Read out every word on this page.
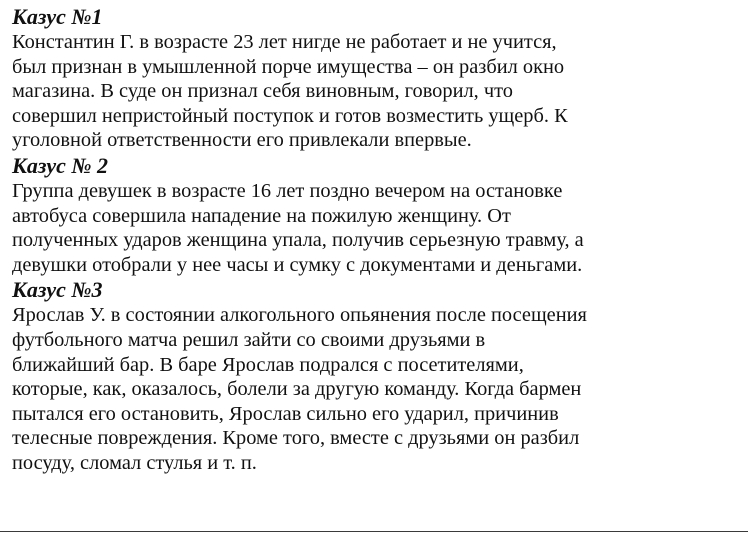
Казус №1

Константин Г. в возрасте 23 лет нигде не работает и не учится,
был признан в умышленной порче имущества – он разбил окно
магазина. В суде он признал себя виновным, говорил, что
совершил непристойный поступок и готов возместить ущерб. К
уголовной ответственности его привлекали впервые.

Казус № 2

Группа девушек в возрасте 16 лет поздно вечером на остановке
автобуса совершила нападение на пожилую женщину. От
полученных ударов женщина упала, получив серьезную травму, а
девушки отобрали у нее часы и сумку с документами и деньгами.

Казус №3

Ярослав У. в состоянии алкогольного опьянения после посещения
футбольного матча решил зайти со своими друзьями в
ближайший бар. В баре Ярослав подрался с посетителями,
которые, как, оказалось, болели за другую команду. Когда бармен
пытался его остановить, Ярослав сильно его ударил, причинив
телесные повреждения. Кроме того, вместе с друзьями он разбил
посуду, сломал стулья и т. п.
